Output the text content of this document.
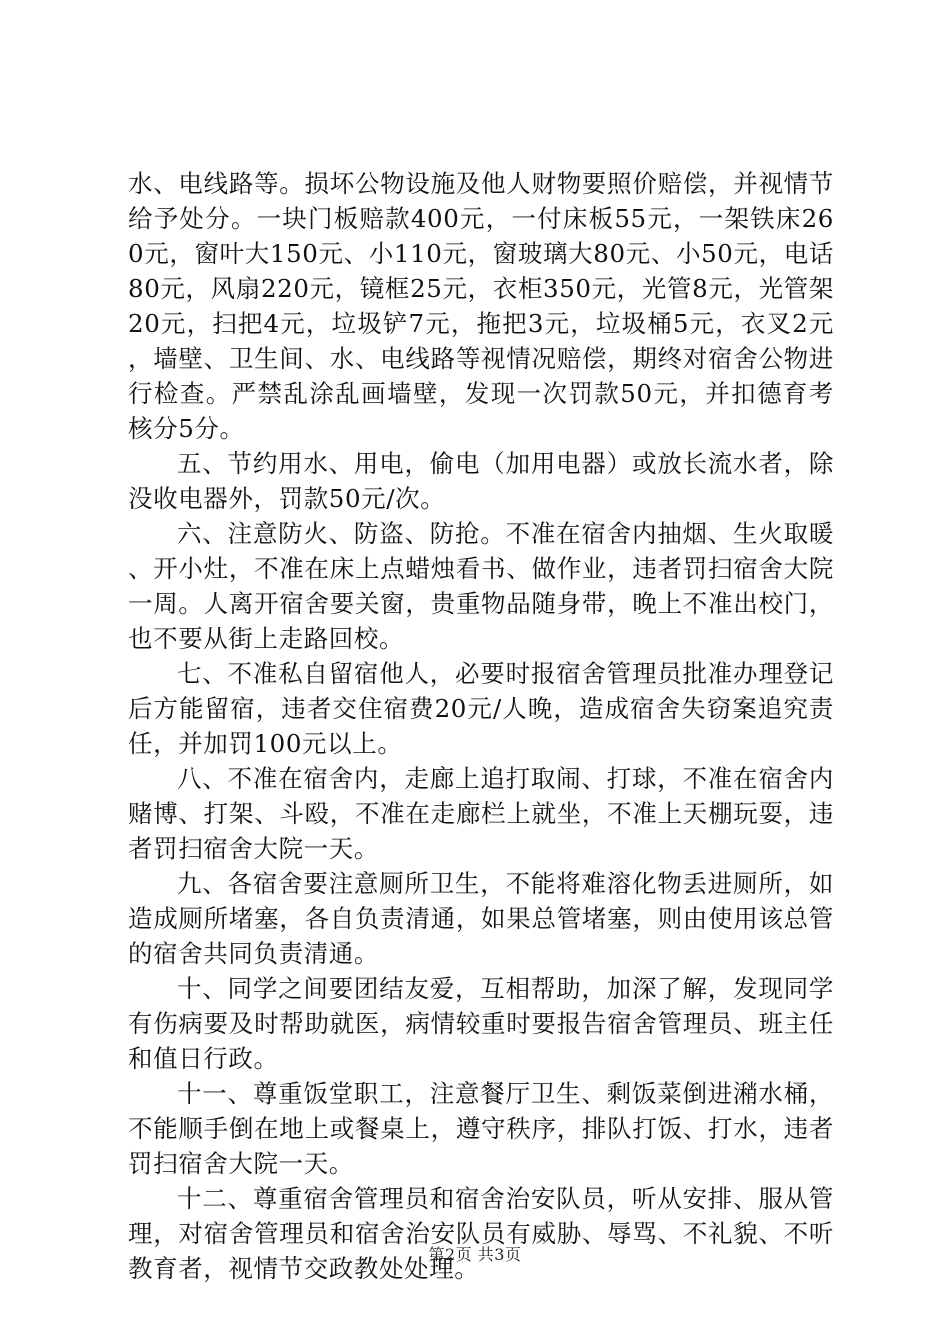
水、电线路等。损坏公物设施及他人财物要照价赔偿，并视情节给予处分。一块门板赔款400元，一付床板55元，一架铁床260元，窗叶大150元、小110元，窗玻璃大80元、小50元，电话80元，风扇220元，镜框25元，衣柜350元，光管8元，光管架20元，扫把4元，垃圾铲7元，拖把3元，垃圾桶5元，衣叉2元，墙壁、卫生间、水、电线路等视情况赔偿，期终对宿舍公物进行检查。严禁乱涂乱画墙壁，发现一次罚款50元，并扣德育考核分5分。

五、节约用水、用电，偷电（加用电器）或放长流水者，除没收电器外，罚款50元/次。

六、注意防火、防盗、防抢。不准在宿舍内抽烟、生火取暖、开小灶，不准在床上点蜡烛看书、做作业，违者罚扫宿舍大院一周。人离开宿舍要关窗，贵重物品随身带，晚上不准出校门，也不要从街上走路回校。

七、不准私自留宿他人，必要时报宿舍管理员批准办理登记后方能留宿，违者交住宿费20元/人晚，造成宿舍失窃案追究责任，并加罚100元以上。

八、不准在宿舍内，走廊上追打取闹、打球，不准在宿舍内赌博、打架、斗殴，不准在走廊栏上就坐，不准上天棚玩耍，违者罚扫宿舍大院一天。

九、各宿舍要注意厕所卫生，不能将难溶化物丢进厕所，如造成厕所堵塞，各自负责清通，如果总管堵塞，则由使用该总管的宿舍共同负责清通。

十、同学之间要团结友爱，互相帮助，加深了解，发现同学有伤病要及时帮助就医，病情较重时要报告宿舍管理员、班主任和值日行政。

十一、尊重饭堂职工，注意餐厅卫生、剩饭菜倒进潲水桶，不能顺手倒在地上或餐桌上，遵守秩序，排队打饭、打水，违者罚扫宿舍大院一天。

十二、尊重宿舍管理员和宿舍治安队员，听从安排、服从管理，对宿舍管理员和宿舍治安队员有威胁、辱骂、不礼貌、不听教育者，视情节交政教处处理。

第2页 共3页
